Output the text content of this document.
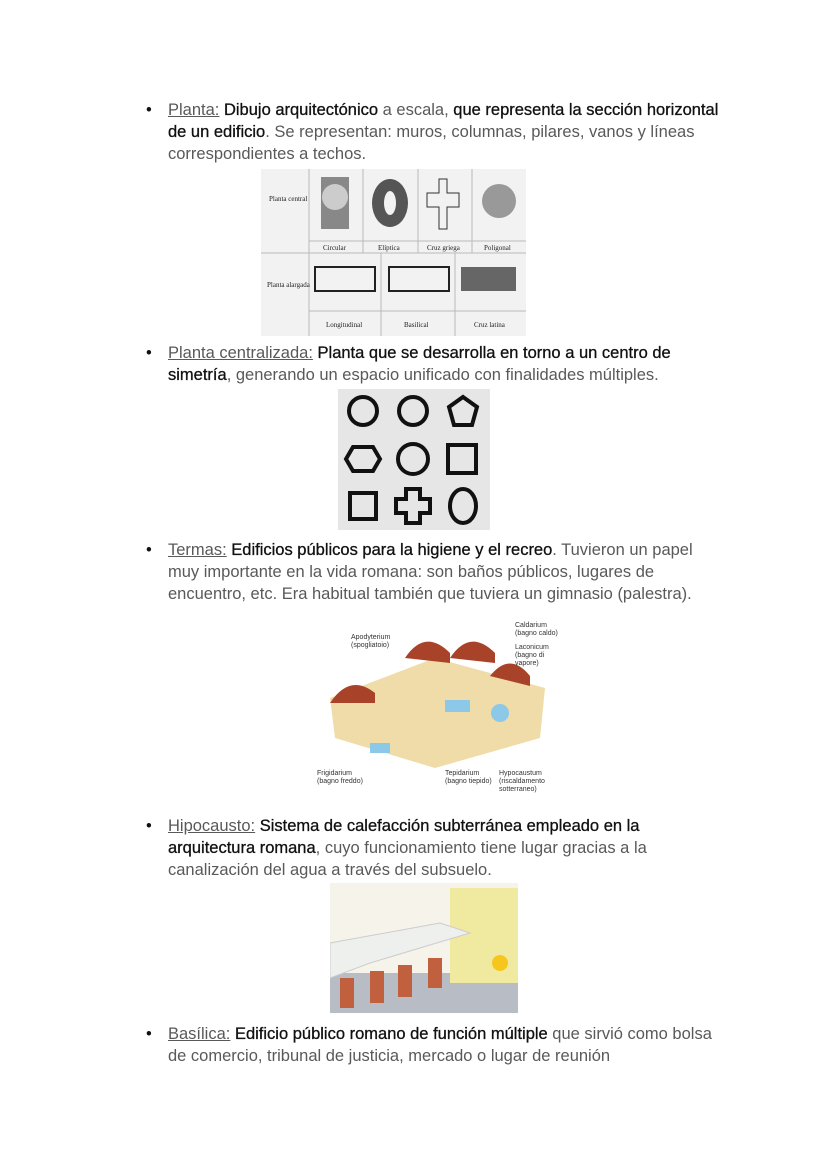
• Planta: Dibujo arquitectónico a escala, que representa la sección horizontal de un edificio. Se representan: muros, columnas, pilares, vanos y líneas correspondientes a techos.
Planta central
Planta alargada
Circular	Elíptica	Cruz griega	Poligonal
Longitudinal	Basilical	Cruz latina
• Planta centralizada: Planta que se desarrolla en torno a un centro de simetría, generando un espacio unificado con finalidades múltiples.
• Termas: Edificios públicos para la higiene y el recreo. Tuvieron un papel muy importante en la vida romana: son baños públicos, lugares de encuentro, etc. Era habitual también que tuviera un gimnasio (palestra).
Apodyterium (spogliatoio)
Caldarium (bagno caldo)
Laconicum (bagno di vapore)
Frigidarium (bagno freddo)
Tepidarium (bagno tiepido)
Hypocaustum (riscaldamento sotterraneo)
• Hipocausto: Sistema de calefacción subterránea empleado en la arquitectura romana, cuyo funcionamiento tiene lugar gracias a la canalización del agua a través del subsuelo.
• Basílica: Edificio público romano de función múltiple que sirvió como bolsa de comercio, tribunal de justicia, mercado o lugar de reunión
